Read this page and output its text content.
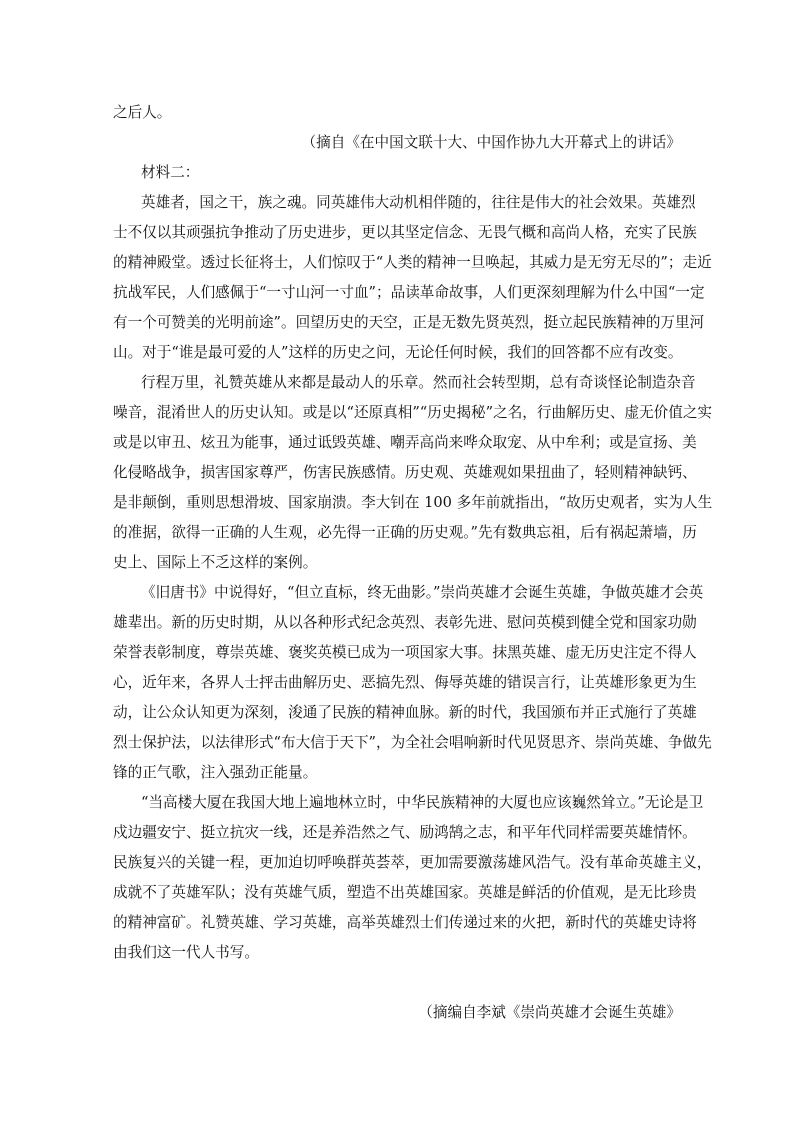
之后人。
（摘自《在中国文联十大、中国作协九大开幕式上的讲话》
材料二：
英雄者，国之干，族之魂。同英雄伟大动机相伴随的，往往是伟大的社会效果。英雄烈
士不仅以其顽强抗争推动了历史进步，更以其坚定信念、无畏气概和高尚人格，充实了民族
的精神殿堂。透过长征将士，人们惊叹于“人类的精神一旦唤起，其威力是无穷无尽的”；走近
抗战军民，人们感佩于“一寸山河一寸血”；品读革命故事，人们更深刻理解为什么中国“一定
有一个可赞美的光明前途”。回望历史的天空，正是无数先贤英烈，挺立起民族精神的万里河
山。对于“谁是最可爱的人”这样的历史之问，无论任何时候，我们的回答都不应有改变。
行程万里，礼赞英雄从来都是最动人的乐章。然而社会转型期，总有奇谈怪论制造杂音
噪音，混淆世人的历史认知。或是以“还原真相”“历史揭秘”之名，行曲解历史、虚无价值之实
或是以审丑、炫丑为能事，通过诋毁英雄、嘲弄高尚来哗众取宠、从中牟利；或是宣扬、美
化侵略战争，损害国家尊严，伤害民族感情。历史观、英雄观如果扭曲了，轻则精神缺钙、
是非颠倒，重则思想滑坡、国家崩溃。李大钊在 100 多年前就指出，“故历史观者，实为人生
的准据，欲得一正确的人生观，必先得一正确的历史观。”先有数典忘祖，后有祸起萧墙，历
史上、国际上不乏这样的案例。
《旧唐书》中说得好，“但立直标，终无曲影。”崇尚英雄才会诞生英雄，争做英雄才会英
雄辈出。新的历史时期，从以各种形式纪念英烈、表彰先进、慰问英模到健全党和国家功勋
荣誉表彰制度，尊崇英雄、褒奖英模已成为一项国家大事。抹黑英雄、虚无历史注定不得人
心，近年来，各界人士抨击曲解历史、恶搞先烈、侮辱英雄的错误言行，让英雄形象更为生
动，让公众认知更为深刻，浚通了民族的精神血脉。新的时代，我国颁布并正式施行了英雄
烈士保护法，以法律形式“布大信于天下”，为全社会唱响新时代见贤思齐、崇尚英雄、争做先
锋的正气歌，注入强劲正能量。
“当高楼大厦在我国大地上遍地林立时，中华民族精神的大厦也应该巍然耸立。”无论是卫
戍边疆安宁、挺立抗灾一线，还是养浩然之气、励鸿鹄之志，和平年代同样需要英雄情怀。
民族复兴的关键一程，更加迫切呼唤群英荟萃，更加需要激荡雄风浩气。没有革命英雄主义，
成就不了英雄军队；没有英雄气质，塑造不出英雄国家。英雄是鲜活的价值观，是无比珍贵
的精神富矿。礼赞英雄、学习英雄，高举英雄烈士们传递过来的火把，新时代的英雄史诗将
由我们这一代人书写。
（摘编自李斌《崇尚英雄才会诞生英雄》
